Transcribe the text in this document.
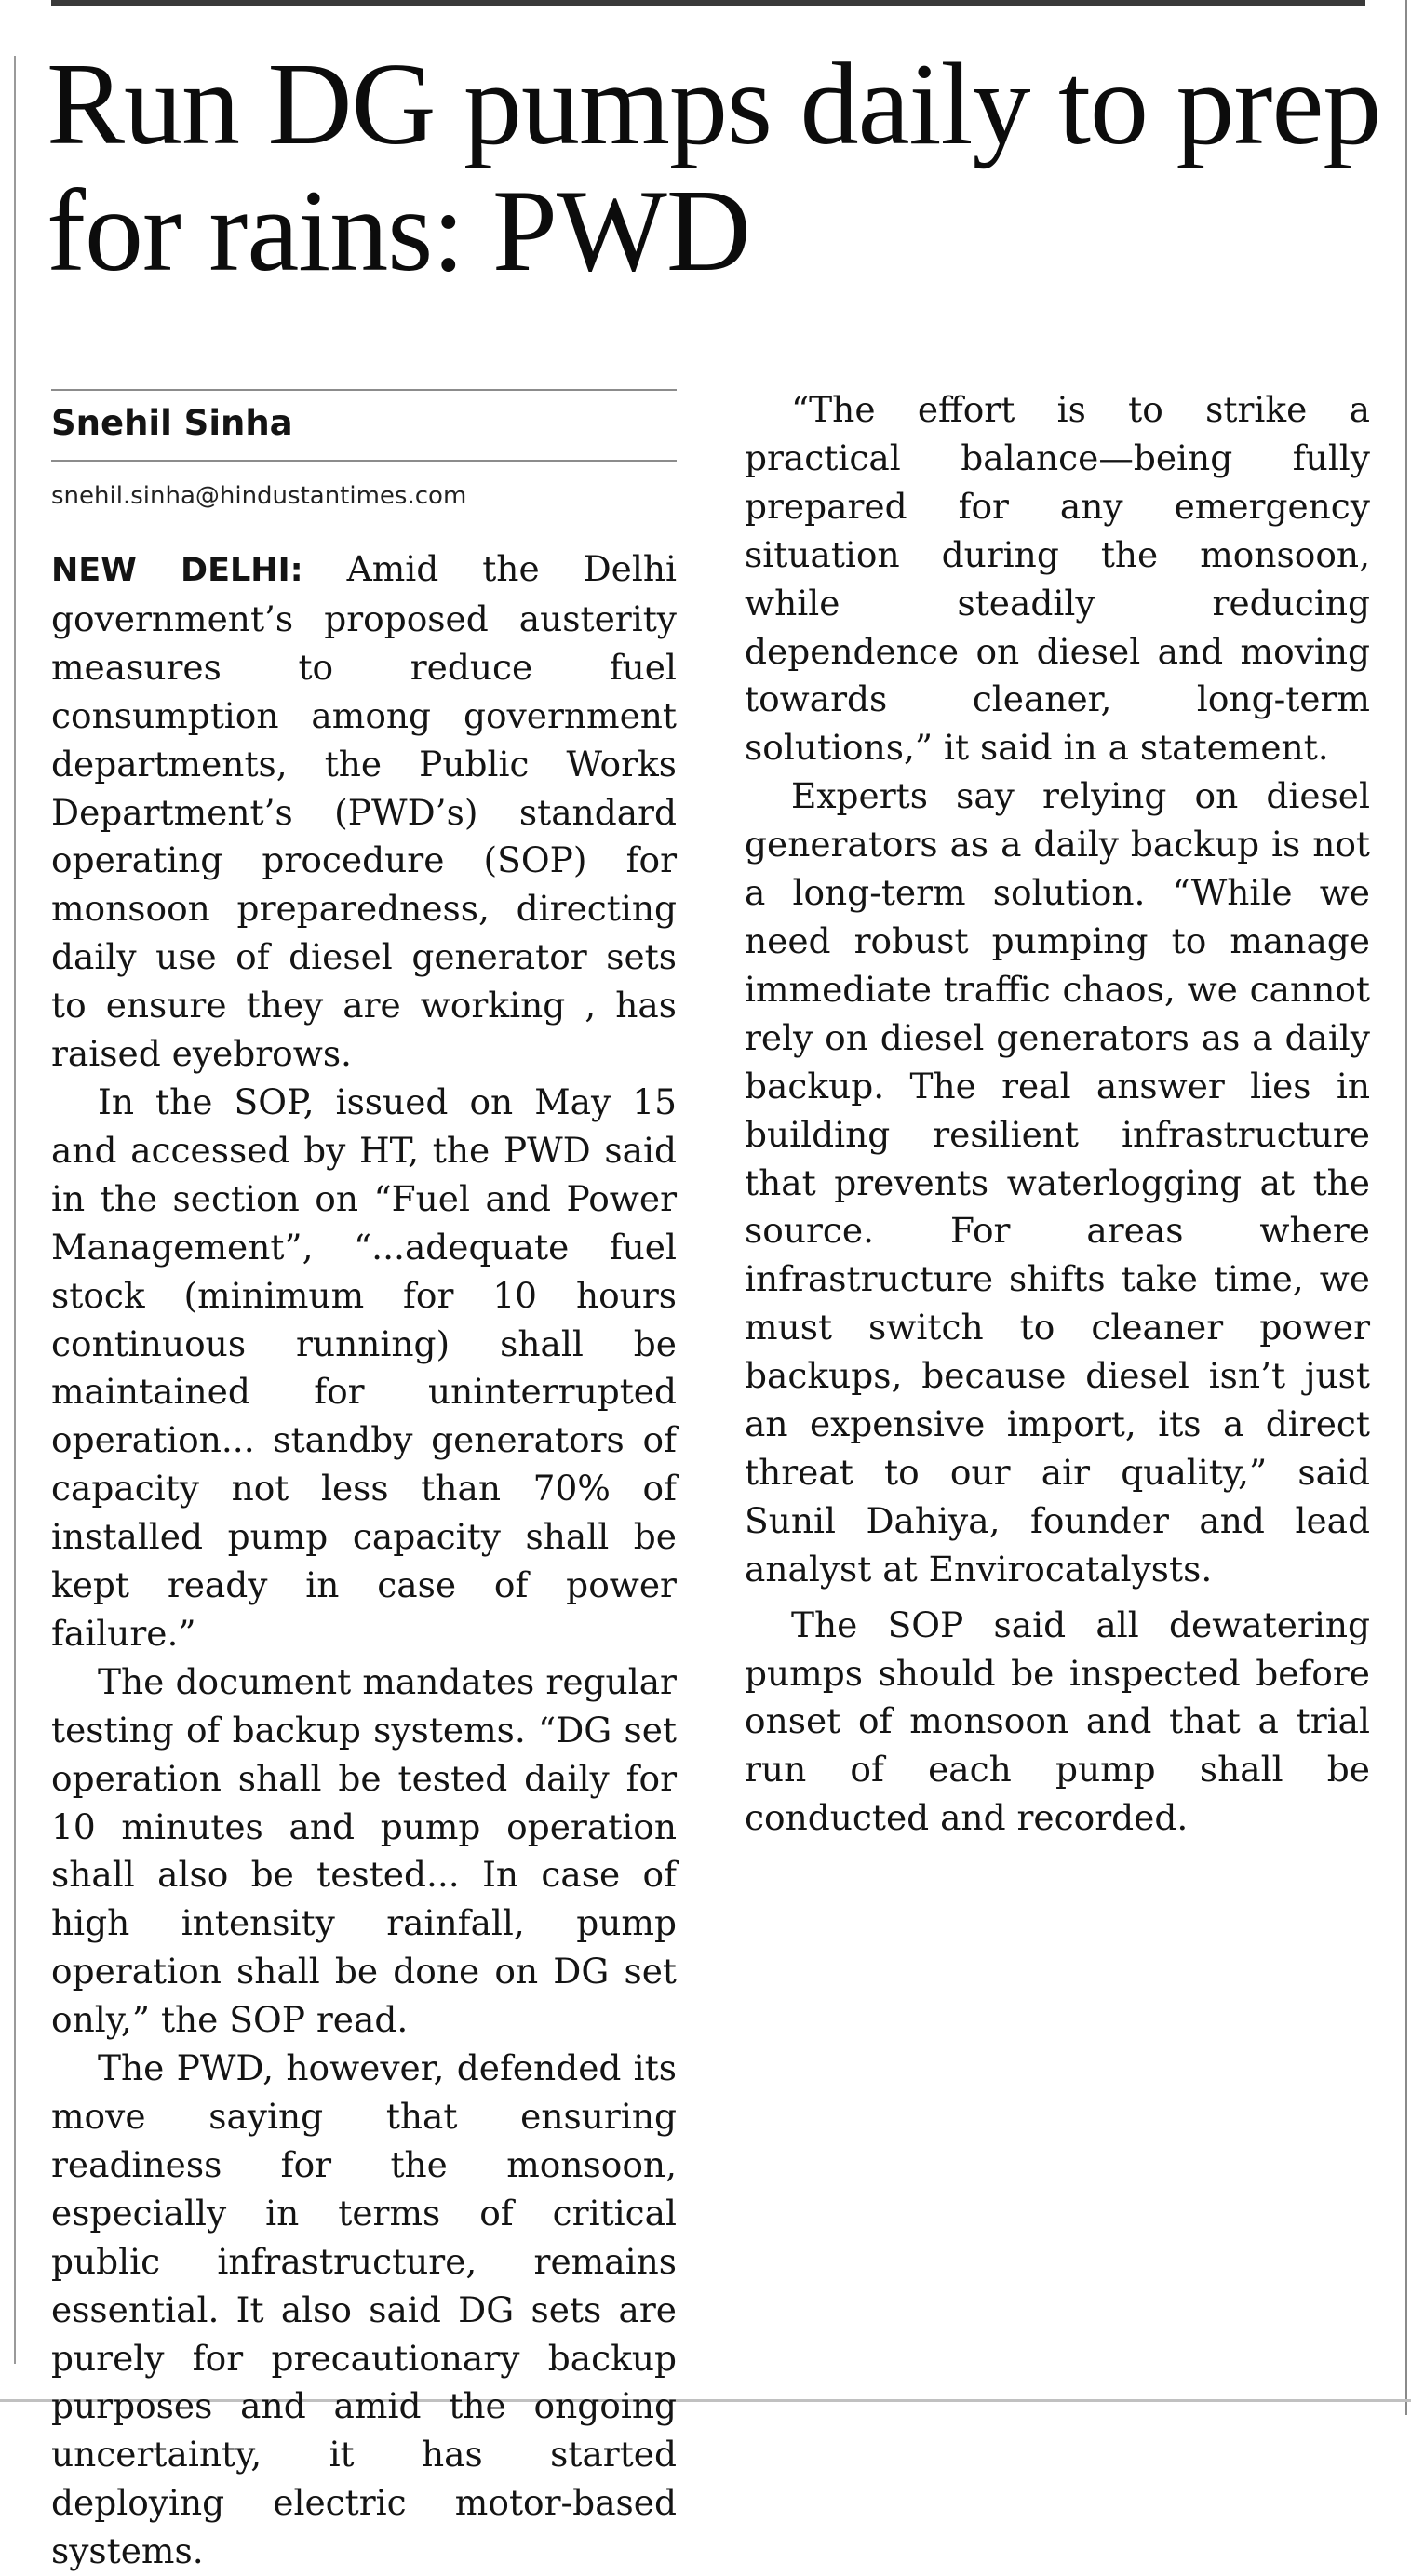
Run DG pumps daily to prep for rains: PWD
Snehil Sinha
snehil.sinha@hindustantimes.com

NEW DELHI: Amid the Delhi government’s proposed austerity measures to reduce fuel consumption among government departments, the Public Works Department’s (PWD’s) standard operating procedure (SOP) for monsoon preparedness, directing daily use of diesel generator sets to ensure they are working , has raised eyebrows.

In the SOP, issued on May 15 and accessed by HT, the PWD said in the section on “Fuel and Power Management”, “...adequate fuel stock (minimum for 10 hours continuous running) shall be maintained for uninterrupted operation... standby generators of capacity not less than 70% of installed pump capacity shall be kept ready in case of power failure.”

The document mandates regular testing of backup systems. “DG set operation shall be tested daily for 10 minutes and pump operation shall also be tested... In case of high intensity rainfall, pump operation shall be done on DG set only,” the SOP read.

The PWD, however, defended its move saying that ensuring readiness for the monsoon, especially in terms of critical public infrastructure, remains essential. It also said DG sets are purely for precautionary backup purposes and amid the ongoing uncertainty, it has started deploying electric motor-based systems.

“The effort is to strike a practical balance—being fully prepared for any emergency situation during the monsoon, while steadily reducing dependence on diesel and moving towards cleaner, long-term solutions,” it said in a statement.

Experts say relying on diesel generators as a daily backup is not a long-term solution. “While we need robust pumping to manage immediate traffic chaos, we cannot rely on diesel generators as a daily backup. The real answer lies in building resilient infrastructure that prevents waterlogging at the source. For areas where infrastructure shifts take time, we must switch to cleaner power backups, because diesel isn’t just an expensive import, its a direct threat to our air quality,” said Sunil Dahiya, founder and lead analyst at Envirocatalysts.

The SOP said all dewatering pumps should be inspected before onset of monsoon and that a trial run of each pump shall be conducted and recorded.
